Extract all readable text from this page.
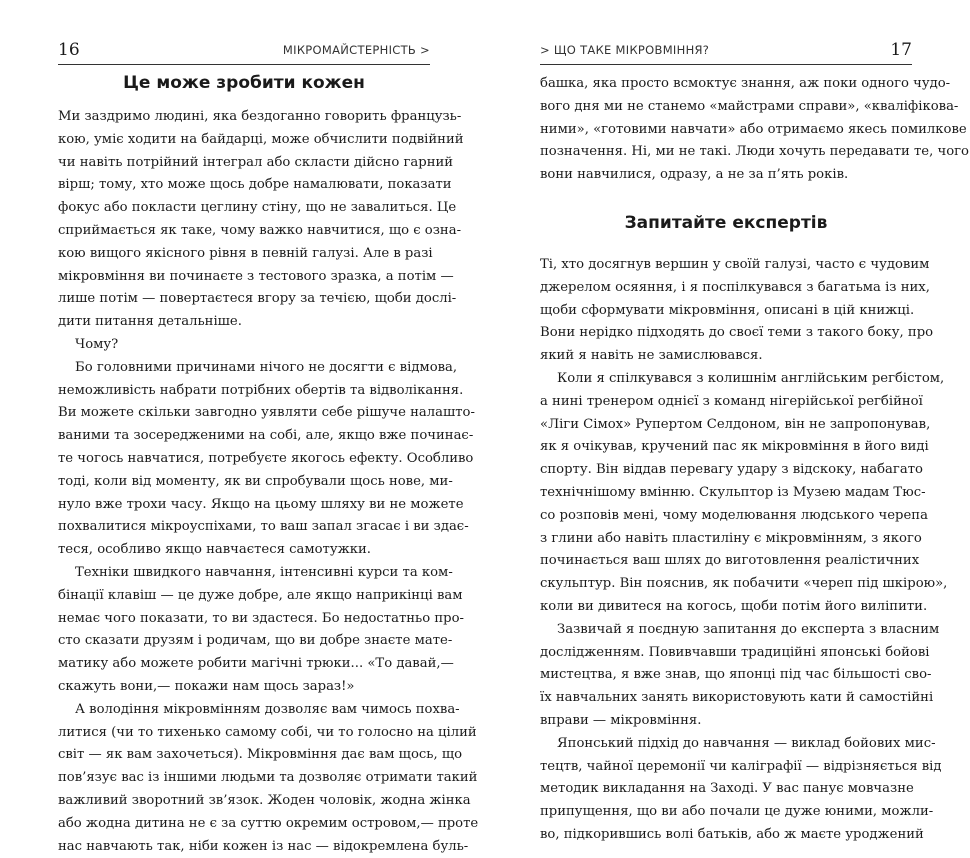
16	МІКРОМАЙСТЕРНІСТЬ >
Це може зробити кожен
Ми заздримо людині, яка бездоганно говорить французь-
кою, уміє ходити на байдарці, може обчислити подвійний
чи навіть потрійний інтеграл або скласти дійсно гарний
вірш; тому, хто може щось добре намалювати, показати
фокус або покласти цеглину стіну, що не завалиться. Це
сприймається як таке, чому важко навчитися, що є озна-
кою вищого якісного рівня в певній галузі. Але в разі
мікровміння ви починаєте з тестового зразка, а потім —
лише потім — повертаєтеся вгору за течією, щоби дослі-
дити питання детальніше.
Чому?
Бо головними причинами нічого не досягти є відмова,
неможливість набрати потрібних обертів та відволікання.
Ви можете скільки завгодно уявляти себе рішуче налашто-
ваними та зосередженими на собі, але, якщо вже починає-
те чогось навчатися, потребуєте якогось ефекту. Особливо
тоді, коли від моменту, як ви спробували щось нове, ми-
нуло вже трохи часу. Якщо на цьому шляху ви не можете
похвалитися мікроуспіхами, то ваш запал згасає і ви здає-
теся, особливо якщо навчаєтеся самотужки.
Техніки швидкого навчання, інтенсивні курси та ком-
бінації клавіш — це дуже добре, але якщо наприкінці вам
немає чого показати, то ви здастеся. Бо недостатньо про-
сто сказати друзям і родичам, що ви добре знаєте мате-
матику або можете робити магічні трюки... «То давай,—
скажуть вони,— покажи нам щось зараз!»
А володіння мікровмінням дозволяє вам чимось похва-
литися (чи то тихенько самому собі, чи то голосно на цілий
світ — як вам захочеться). Мікровміння дає вам щось, що
пов’язує вас із іншими людьми та дозволяє отримати такий
важливий зворотний зв’язок. Жоден чоловік, жодна жінка
або жодна дитина не є за суттю окремим островом,— проте
нас навчають так, ніби кожен із нас — відокремлена буль-
> ЩО ТАКЕ МІКРОВМІННЯ?	17
башка, яка просто всмоктує знання, аж поки одного чудо-
вого дня ми не станемо «майстрами справи», «кваліфікова-
ними», «готовими навчати» або отримаємо якесь помилкове
позначення. Ні, ми не такі. Люди хочуть передавати те, чого
вони навчилися, одразу, а не за п’ять років.
Запитайте експертів
Ті, хто досягнув вершин у своїй галузі, часто є чудовим
джерелом осяяння, і я поспілкувався з багатьма із них,
щоби сформувати мікровміння, описані в цій книжці.
Вони нерідко підходять до своєї теми з такого боку, про
який я навіть не замислювався.
Коли я спілкувався з колишнім англійським регбістом,
а нині тренером однієї з команд нігерійської регбійної
«Ліги Сімох» Рупертом Селдоном, він не запропонував,
як я очікував, кручений пас як мікровміння в його виді
спорту. Він віддав перевагу удару з відскоку, набагато
технічнішому вмінню. Скульптор із Музею мадам Тюс-
со розповів мені, чому моделювання людського черепа
з глини або навіть пластиліну є мікровмінням, з якого
починається ваш шлях до виготовлення реалістичних
скульптур. Він пояснив, як побачити «череп під шкірою»,
коли ви дивитеся на когось, щоби потім його виліпити.
Зазвичай я поєдную запитання до експерта з власним
дослідженням. Повивчавши традиційні японські бойові
мистецтва, я вже знав, що японці під час більшості сво-
їх навчальних занять використовують кати й самостійні
вправи — мікровміння.
Японський підхід до навчання — виклад бойових мис-
тецтв, чайної церемонії чи каліграфії — відрізняється від
методик викладання на Заході. У вас панує мовчазне
припущення, що ви або почали це дуже юними, можли-
во, підкорившись волі батьків, або ж маєте уроджений
